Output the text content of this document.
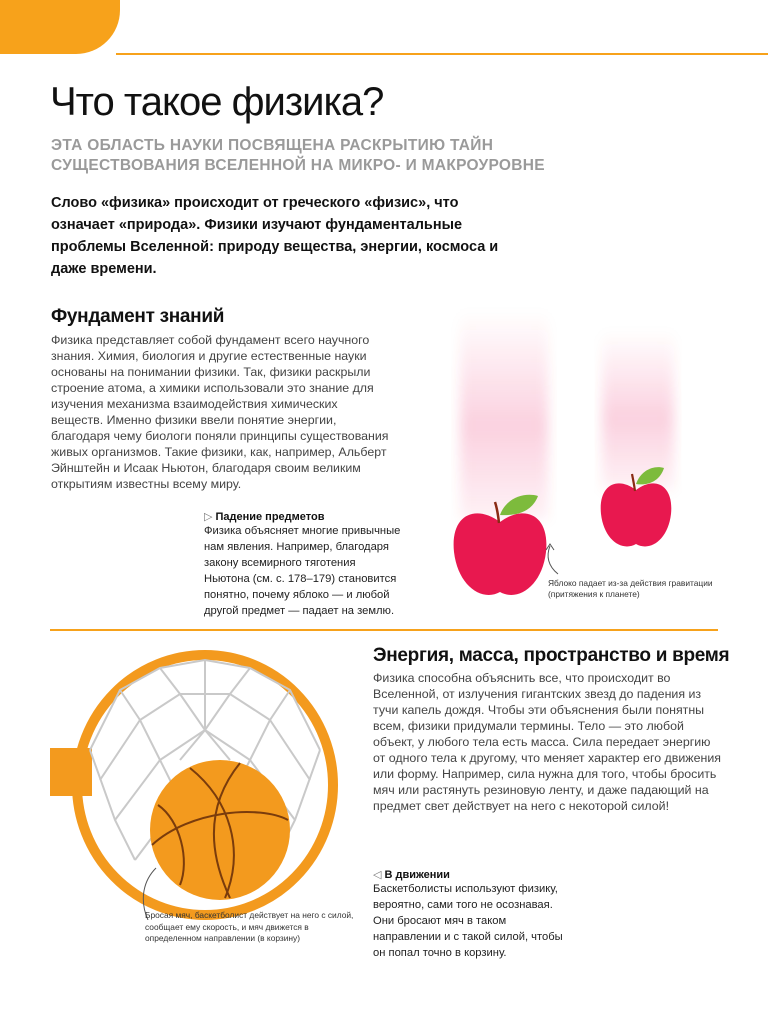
Что такое физика?
ЭТА ОБЛАСТЬ НАУКИ ПОСВЯЩЕНА РАСКРЫТИЮ ТАЙН СУЩЕСТВОВАНИЯ ВСЕЛЕННОЙ НА МИКРО- И МАКРОУРОВНЕ
Слово «физика» происходит от греческого «физис», что означает «природа». Физики изучают фундаментальные проблемы Вселенной: природу вещества, энергии, космоса и даже времени.
Фундамент знаний
Физика представляет собой фундамент всего научного знания. Химия, биология и другие естественные науки основаны на понимании физики. Так, физики раскрыли строение атома, а химики использовали это знание для изучения механизма взаимодействия химических веществ. Именно физики ввели понятие энергии, благодаря чему биологи поняли принципы существования живых организмов. Такие физики, как, например, Альберт Эйнштейн и Исаак Ньютон, благодаря своим великим открытиям известны всему миру.
▷ Падение предметов
Физика объясняет многие привычные нам явления. Например, благодаря закону всемирного тяготения Ньютона (см. с. 178–179) становится понятно, почему яблоко — и любой другой предмет — падает на землю.
Яблоко падает из-за действия гравитации (притяжения к планете)
Энергия, масса, пространство и время
Физика способна объяснить все, что происходит во Вселенной, от излучения гигантских звезд до падения из тучи капель дождя. Чтобы эти объяснения были понятны всем, физики придумали термины. Тело — это любой объект, у любого тела есть масса. Сила передает энергию от одного тела к другому, что меняет характер его движения или форму. Например, сила нужна для того, чтобы бросить мяч или растянуть резиновую ленту, и даже падающий на предмет свет действует на него с некоторой силой!
◁ В движении
Баскетболисты используют физику, вероятно, сами того не осознавая. Они бросают мяч в таком направлении и с такой силой, чтобы он попал точно в корзину.
Бросая мяч, баскетболист действует на него с силой, сообщает ему скорость, и мяч движется в определенном направлении (в корзину)
